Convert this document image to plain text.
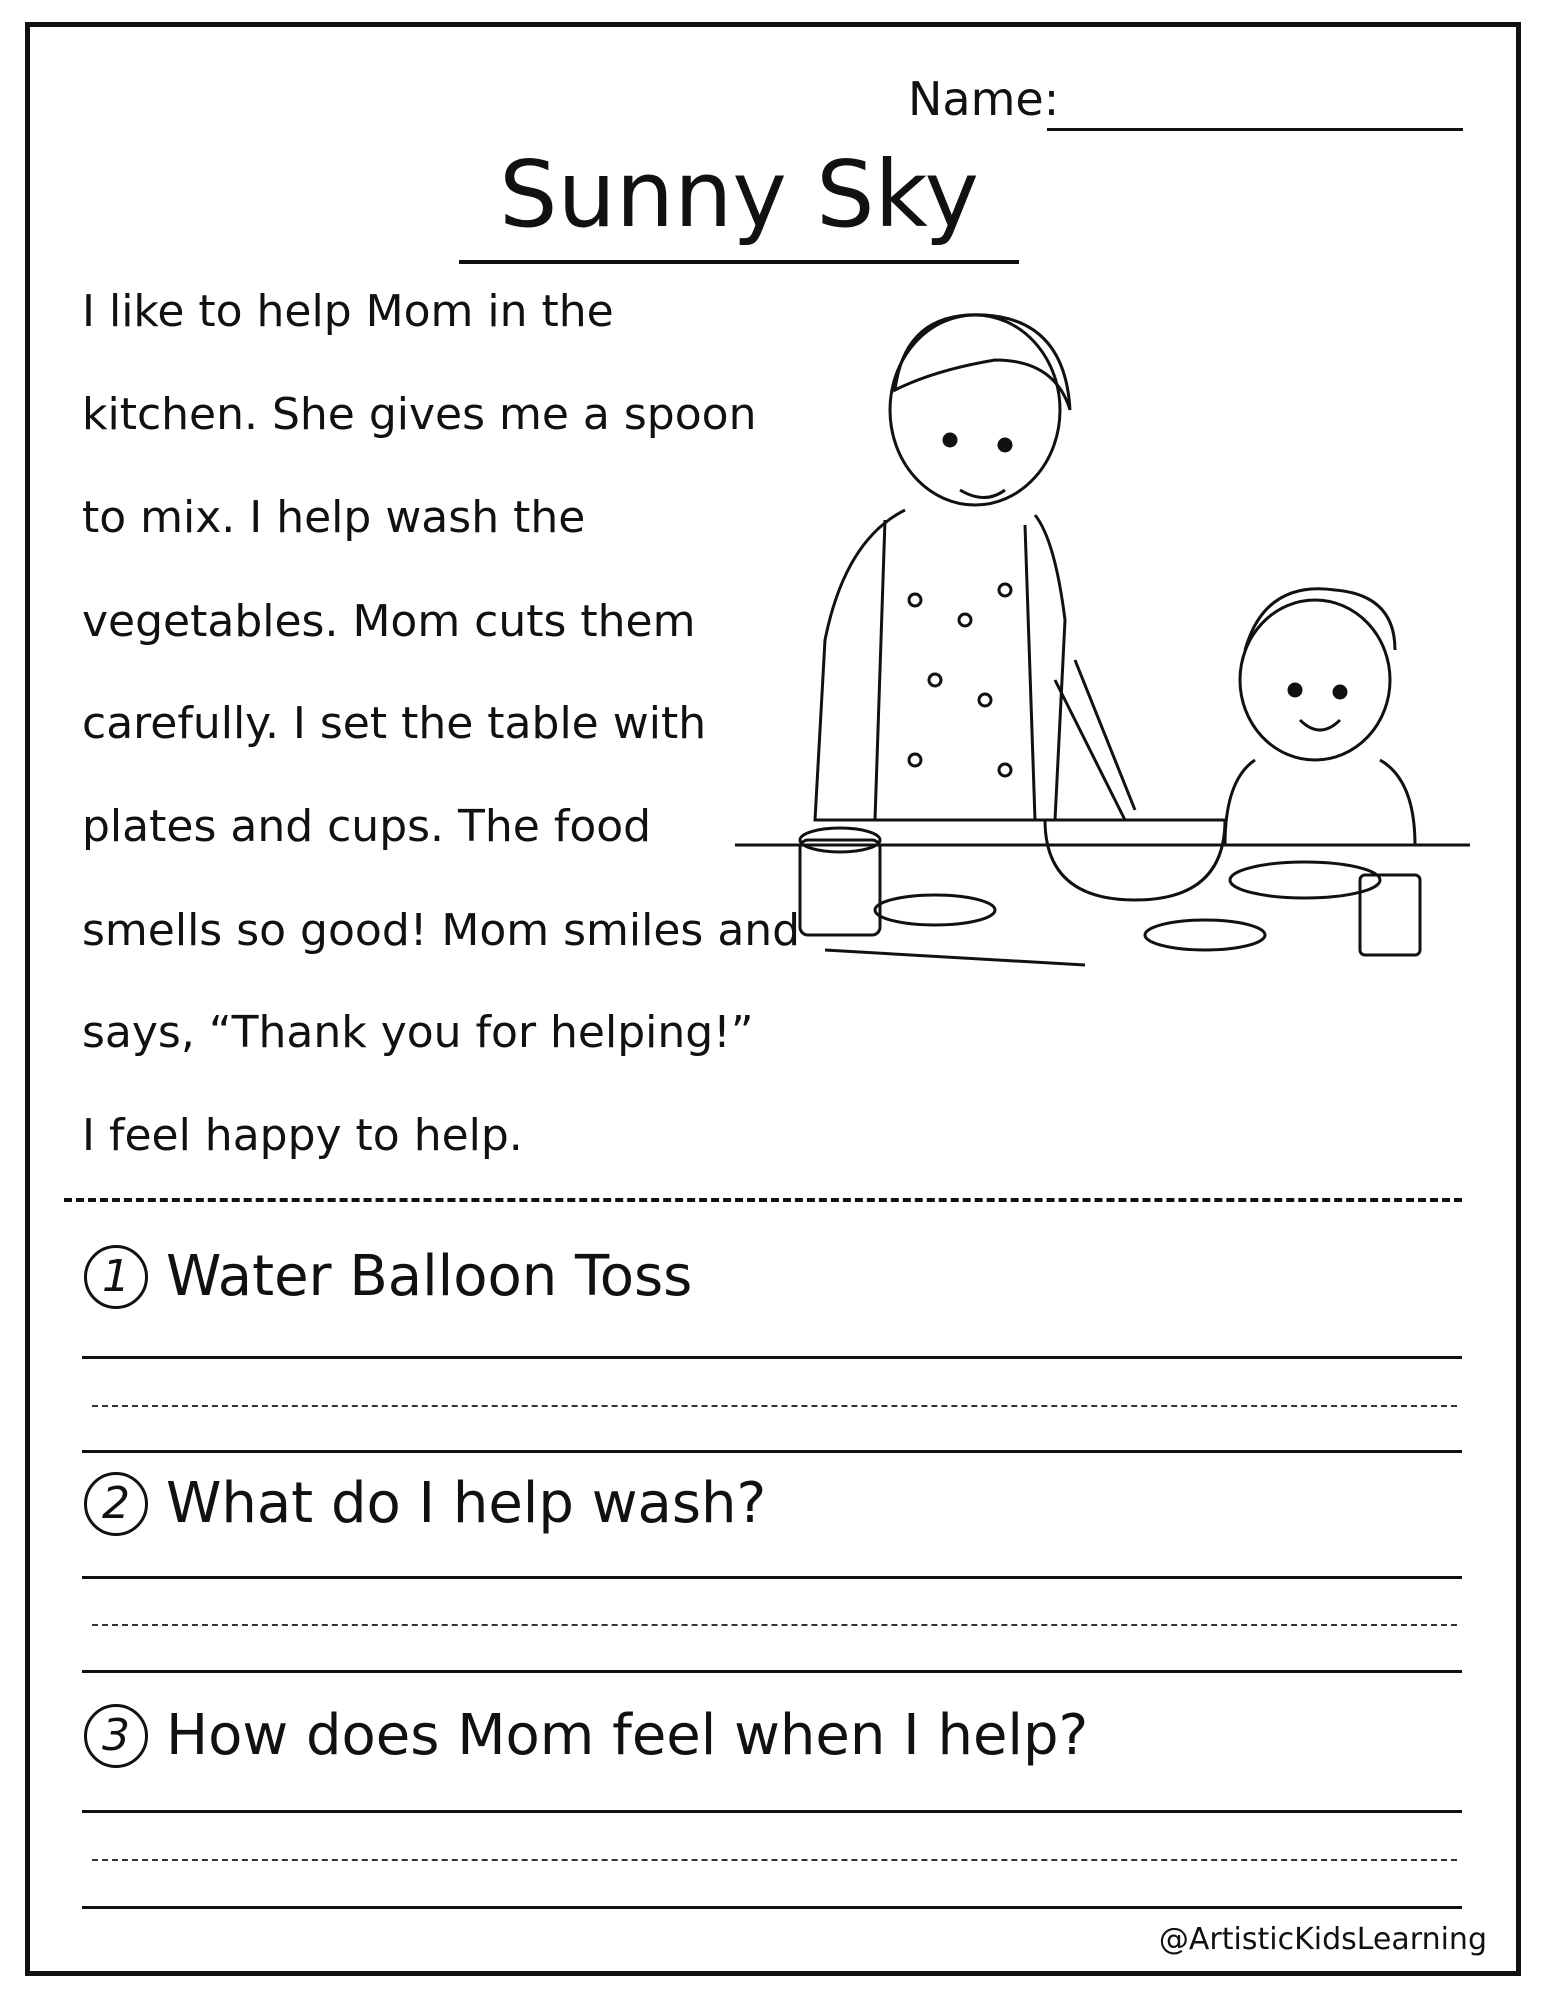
Name:
Sunny Sky
I like to help Mom in the
kitchen. She gives me a spoon
to mix. I help wash the
vegetables. Mom cuts them
carefully. I set the table with
plates and cups. The food
smells so good! Mom smiles and
says, “Thank you for helping!”
I feel happy to help.
1 Water Balloon Toss
2 What do I help wash?
3 How does Mom feel when I help?
@ArtisticKidsLearning
